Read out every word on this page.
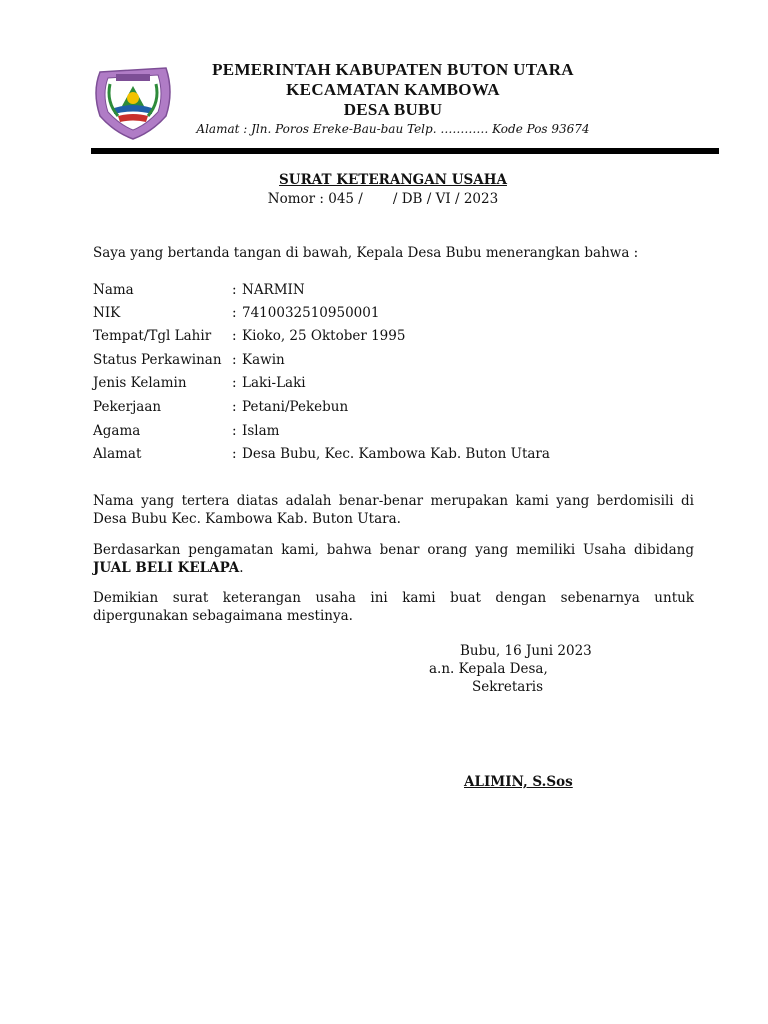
PEMERINTAH KABUPATEN BUTON UTARA
KECAMATAN KAMBOWA
DESA BUBU
Alamat : Jln. Poros Ereke-Bau-bau Telp. ………… Kode Pos 93674
SURAT KETERANGAN USAHA
Nomor : 045 /       / DB / VI / 2023
Saya yang bertanda tangan di bawah, Kepala Desa Bubu menerangkan bahwa :
Nama	: NARMIN
NIK	: 7410032510950001
Tempat/Tgl Lahir : Kioko, 25 Oktober 1995
Status Perkawinan : Kawin
Jenis Kelamin	: Laki-Laki
Pekerjaan	: Petani/Pekebun
Agama	: Islam
Alamat	: Desa Bubu, Kec. Kambowa Kab. Buton Utara
Nama yang tertera diatas adalah benar-benar merupakan kami yang berdomisili di Desa Bubu Kec. Kambowa Kab. Buton Utara.
Berdasarkan pengamatan kami, bahwa benar orang yang memiliki Usaha dibidang JUAL BELI KELAPA.
Demikian surat keterangan usaha ini kami buat dengan sebenarnya untuk dipergunakan sebagaimana mestinya.
Bubu, 16 Juni 2023
a.n. Kepala Desa,
Sekretaris
ALIMIN, S.Sos
